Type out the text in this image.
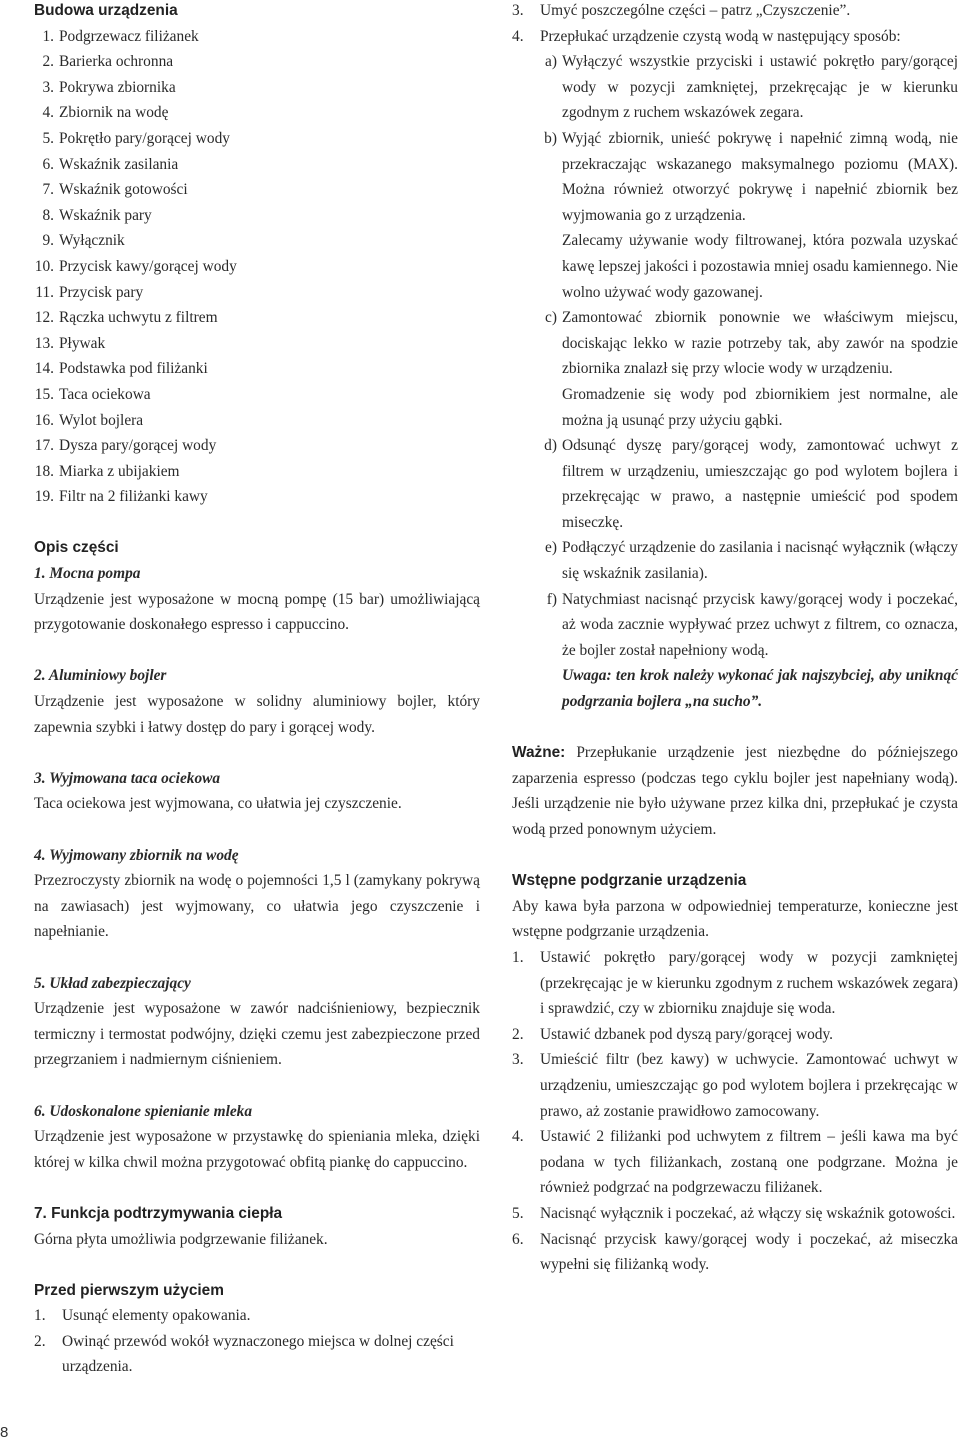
Budowa urządzenia
1. Podgrzewacz filiżanek
2. Barierka ochronna
3. Pokrywa zbiornika
4. Zbiornik na wodę
5. Pokrętło pary/gorącej wody
6. Wskaźnik zasilania
7. Wskaźnik gotowości
8. Wskaźnik pary
9. Wyłącznik
10. Przycisk kawy/gorącej wody
11. Przycisk pary
12. Rączka uchwytu z filtrem
13. Pływak
14. Podstawka pod filiżanki
15. Taca ociekowa
16. Wylot bojlera
17. Dysza pary/gorącej wody
18. Miarka z ubijakiem
19. Filtr na 2 filiżanki kawy
Opis części
1. Mocna pompa
Urządzenie jest wyposażone w mocną pompę (15 bar) umożliwiającą przygotowanie doskonałego espresso i cappuccino.
2. Aluminiowy bojler
Urządzenie jest wyposażone w solidny aluminiowy bojler, który zapewnia szybki i łatwy dostęp do pary i gorącej wody.
3. Wyjmowana taca ociekowa
Taca ociekowa jest wyjmowana, co ułatwia jej czyszczenie.
4. Wyjmowany zbiornik na wodę
Przezroczysty zbiornik na wodę o pojemności 1,5 l (zamykany pokrywą na zawiasach) jest wyjmowany, co ułatwia jego czyszczenie i napełnianie.
5. Układ zabezpieczający
Urządzenie jest wyposażone w zawór nadciśnieniowy, bezpiecznik termiczny i termostat podwójny, dzięki czemu jest zabezpieczone przed przegrzaniem i nadmiernym ciśnieniem.
6. Udoskonalone spienianie mleka
Urządzenie jest wyposażone w przystawkę do spieniania mleka, dzięki której w kilka chwil można przygotować obfitą piankę do cappuccino.
7. Funkcja podtrzymywania ciepła
Górna płyta umożliwia podgrzewanie filiżanek.
Przed pierwszym użyciem
1.	Usunąć elementy opakowania.
2.	Owinąć przewód wokół wyznaczonego miejsca w dolnej części urządzenia.
3.	Umyć poszczególne części – patrz „Czyszczenie”.
4.	Przepłukać urządzenie czystą wodą w następujący sposób:
a) Wyłączyć wszystkie przyciski i ustawić pokrętło pary/gorącej wody w pozycji zamkniętej, przekręcając je w kierunku zgodnym z ruchem wskazówek zegara.
b) Wyjąć zbiornik, unieść pokrywę i napełnić zimną wodą, nie przekraczając wskazanego maksymalnego poziomu (MAX). Można również otworzyć pokrywę i napełnić zbiornik bez wyjmowania go z urządzenia.
Zalecamy używanie wody filtrowanej, która pozwala uzyskać kawę lepszej jakości i pozostawia mniej osadu kamiennego. Nie wolno używać wody gazowanej.
c) Zamontować zbiornik ponownie we właściwym miejscu, dociskając lekko w razie potrzeby tak, aby zawór na spodzie zbiornika znalazł się przy wlocie wody w urządzeniu.
Gromadzenie się wody pod zbiornikiem jest normalne, ale można ją usunąć przy użyciu gąbki.
d) Odsunąć dyszę pary/gorącej wody, zamontować uchwyt z filtrem w urządzeniu, umieszczając go pod wylotem bojlera i przekręcając w prawo, a następnie umieścić pod spodem miseczkę.
e) Podłączyć urządzenie do zasilania i nacisnąć wyłącznik (włączy się wskaźnik zasilania).
f) Natychmiast nacisnąć przycisk kawy/gorącej wody i poczekać, aż woda zacznie wypływać przez uchwyt z filtrem, co oznacza, że bojler został napełniony wodą.
Uwaga: ten krok należy wykonać jak najszybciej, aby uniknąć podgrzania bojlera „na sucho”.
Ważne: Przepłukanie urządzenie jest niezbędne do późniejszego zaparzenia espresso (podczas tego cyklu bojler jest napełniany wodą). Jeśli urządzenie nie było używane przez kilka dni, przepłukać je czysta wodą przed ponownym użyciem.
Wstępne podgrzanie urządzenia
Aby kawa była parzona w odpowiedniej temperaturze, konieczne jest wstępne podgrzanie urządzenia.
1.	Ustawić pokrętło pary/gorącej wody w pozycji zamkniętej (przekręcając je w kierunku zgodnym z ruchem wskazówek zegara) i sprawdzić, czy w zbiorniku znajduje się woda.
2.	Ustawić dzbanek pod dyszą pary/gorącej wody.
3.	Umieścić filtr (bez kawy) w uchwycie. Zamontować uchwyt w urządzeniu, umieszczając go pod wylotem bojlera i przekręcając w prawo, aż zostanie prawidłowo zamocowany.
4.	Ustawić 2 filiżanki pod uchwytem z filtrem – jeśli kawa ma być podana w tych filiżankach, zostaną one podgrzane. Można je również podgrzać na podgrzewaczu filiżanek.
5.	Nacisnąć wyłącznik i poczekać, aż włączy się wskaźnik gotowości.
6.	Nacisnąć przycisk kawy/gorącej wody i poczekać, aż miseczka wypełni się filiżanką wody.
8
